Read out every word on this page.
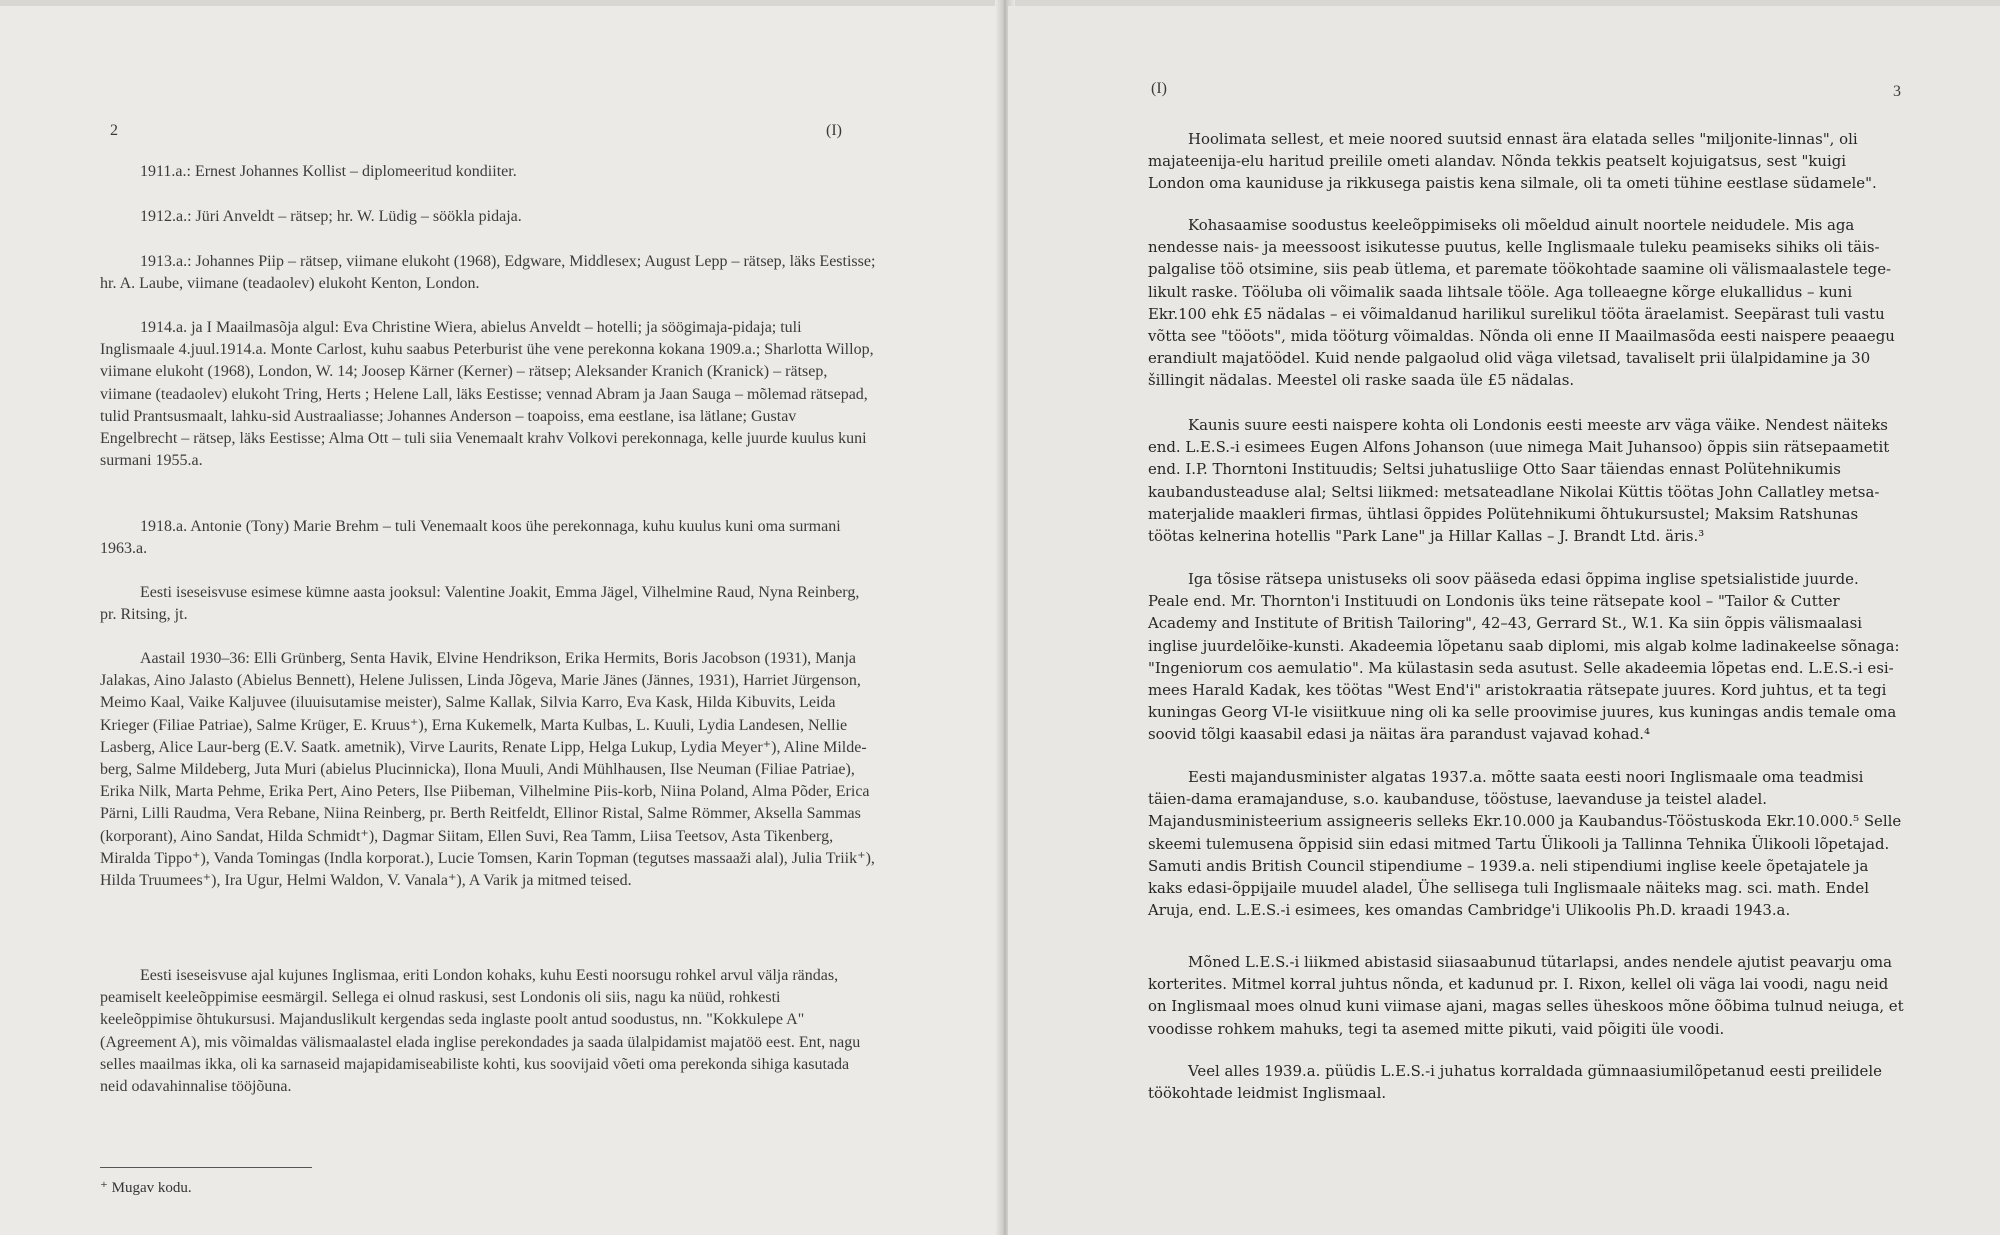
2	(I)

1911.a.: Ernest Johannes Kollist – diplomeeritud kondiiter.

1912.a.: Jüri Anveldt – rätsep; hr. W. Lüdig – söökla pidaja.

1913.a.: Johannes Piip – rätsep, viimane elukoht (1968), Edgware, Middlesex; August Lepp – rätsep, läks Eestisse; hr. A. Laube, viimane (teadaolev) elukoht Kenton, London.

1914.a. ja I Maailmasõja algul: Eva Christine Wiera, abielus Anveldt – hotelli; ja söögimaja-pidaja; tuli Inglismaale 4.juul.1914.a. Monte Carlost, kuhu saabus Peterburist ühe vene perekonna kokana 1909.a.; Sharlotta Willop, viimane elukoht (1968), London, W. 14; Joosep Kärner (Kerner) – rätsep; Aleksander Kranich (Kranick) – rätsep, viimane (teadaolev) elukoht Tring, Herts ; Helene Lall, läks Eestisse; vennad Abram ja Jaan Sauga – mõlemad rätsepad, tulid Prantsusmaalt, lahku-sid Austraaliasse; Johannes Anderson – toapoiss, ema eestlane, isa lätlane; Gustav Engelbrecht – rätsep, läks Eestisse; Alma Ott – tuli siia Venemaalt krahv Volkovi perekonnaga, kelle juurde kuulus kuni surmani 1955.a.

1918.a. Antonie (Tony) Marie Brehm – tuli Venemaalt koos ühe perekonnaga, kuhu kuulus kuni oma surmani 1963.a.

Eesti iseseisvuse esimese kümne aasta jooksul: Valentine Joakit, Emma Jägel, Vilhelmine Raud, Nyna Reinberg, pr. Ritsing, jt.

Aastail 1930–36: Elli Grünberg, Senta Havik, Elvine Hendrikson, Erika Hermits, Boris Jacobson (1931), Manja Jalakas, Aino Jalasto (Abielus Bennett), Helene Julissen, Linda Jõgeva, Marie Jänes (Jännes, 1931), Harriet Jürgenson, Meimo Kaal, Vaike Kaljuvee (iluuisutamise meister), Salme Kallak, Silvia Karro, Eva Kask, Hilda Kibuvits, Leida Krieger (Filiae Patriae), Salme Krüger, E. Kruus⁺), Erna Kukemelk, Marta Kulbas, L. Kuuli, Lydia Landesen, Nellie Lasberg, Alice Laur-berg (E.V. Saatk. ametnik), Virve Laurits, Renate Lipp, Helga Lukup, Lydia Meyer⁺), Aline Milde-berg, Salme Mildeberg, Juta Muri (abielus Plucinnicka), Ilona Muuli, Andi Mühlhausen, Ilse Neuman (Filiae Patriae), Erika Nilk, Marta Pehme, Erika Pert, Aino Peters, Ilse Piibeman, Vilhelmine Piis-korb, Niina Poland, Alma Põder, Erica Pärni, Lilli Raudma, Vera Rebane, Niina Reinberg, pr. Berth Reitfeldt, Ellinor Ristal, Salme Römmer, Aksella Sammas (korporant), Aino Sandat, Hilda Schmidt⁺), Dagmar Siitam, Ellen Suvi, Rea Tamm, Liisa Teetsov, Asta Tikenberg, Miralda Tippo⁺), Vanda Tomingas (Indla korporat.), Lucie Tomsen, Karin Topman (tegutses massaaži alal), Julia Triik⁺), Hilda Truumees⁺), Ira Ugur, Helmi Waldon, V. Vanala⁺), A Varik ja mitmed teised.

Eesti iseseisvuse ajal kujunes Inglismaa, eriti London kohaks, kuhu Eesti noorsugu rohkel arvul välja rändas, peamiselt keeleõppimise eesmärgil. Sellega ei olnud raskusi, sest Londonis oli siis, nagu ka nüüd, rohkesti keeleõppimise õhtukursusi. Majanduslikult kergendas seda inglaste poolt antud soodustus, nn. "Kokkulepe A" (Agreement A), mis võimaldas välismaalastel elada inglise perekondades ja saada ülalpidamist majatöö eest. Ent, nagu selles maailmas ikka, oli ka sarnaseid majapidamiseabiliste kohti, kus soovijaid võeti oma perekonda sihiga kasutada neid odavahinnalise tööjõuna.

⁺ Mugav kodu.
(I)	3

Hoolimata sellest, et meie noored suutsid ennast ära elatada selles "miljonite-linnas", oli majateenija-elu haritud preilile ometi alandav. Nõnda tekkis peatselt kojuigatsus, sest "kuigi London oma kauniduse ja rikkusega paistis kena silmale, oli ta ometi tühine eestlase südamele".

Kohasaamise soodustus keeleõppimiseks oli mõeldud ainult noortele neidudele. Mis aga nendesse nais- ja meessoost isikutesse puutus, kelle Inglismaale tuleku peamiseks sihiks oli täis-palgalise töö otsimine, siis peab ütlema, et paremate töökohtade saamine oli välismaalastele tege-likult raske. Tööluba oli võimalik saada lihtsale tööle. Aga tolleaegne kõrge elukallidus – kuni Ekr.100 ehk £5 nädalas – ei võimaldanud harilikul surelikul tööta äraelamist. Seepärast tuli vastu võtta see "tööots", mida tööturg võimaldas. Nõnda oli enne II Maailmasõda eesti naispere peaaegu erandiult majatöödel. Kuid nende palgaolud olid väga viletsad, tavaliselt prii ülalpidamine ja 30 šillingit nädalas. Meestel oli raske saada üle £5 nädalas.

Kaunis suure eesti naispere kohta oli Londonis eesti meeste arv väga väike. Nendest näiteks end. L.E.S.-i esimees Eugen Alfons Johanson (uue nimega Mait Juhansoo) õppis siin rätsepaametit end. I.P. Thorntoni Instituudis; Seltsi juhatusliige Otto Saar täiendas ennast Polütehnikumis kaubandusteaduse alal; Seltsi liikmed: metsateadlane Nikolai Küttis töötas John Callatley metsa-materjalide maakleri firmas, ühtlasi õppides Polütehnikumi õhtukursustel; Maksim Ratshunas töötas kelnerina hotellis "Park Lane" ja Hillar Kallas – J. Brandt Ltd. äris.³

Iga tõsise rätsepa unistuseks oli soov pääseda edasi õppima inglise spetsialistide juurde. Peale end. Mr. Thornton'i Instituudi on Londonis üks teine rätsepate kool – "Tailor & Cutter Academy and Institute of British Tailoring", 42–43, Gerrard St., W.1. Ka siin õppis välismaalasi inglise juurdelõike-kunsti. Akadeemia lõpetanu saab diplomi, mis algab kolme ladinakeelse sõnaga: "Ingeniorum cos aemulatio". Ma külastasin seda asutust. Selle akadeemia lõpetas end. L.E.S.-i esi-mees Harald Kadak, kes töötas "West End'i" aristokraatia rätsepate juures. Kord juhtus, et ta tegi kuningas Georg VI-le visiitkuue ning oli ka selle proovimise juures, kus kuningas andis temale oma soovid tõlgi kaasabil edasi ja näitas ära parandust vajavad kohad.⁴

Eesti majandusminister algatas 1937.a. mõtte saata eesti noori Inglismaale oma teadmisi täien-dama eramajanduse, s.o. kaubanduse, tööstuse, laevanduse ja teistel aladel. Majandusministeerium assigneeris selleks Ekr.10.000 ja Kaubandus-Tööstuskoda Ekr.10.000.⁵ Selle skeemi tulemusena õppisid siin edasi mitmed Tartu Ülikooli ja Tallinna Tehnika Ülikooli lõpetajad. Samuti andis British Council stipendiume – 1939.a. neli stipendiumi inglise keele õpetajatele ja kaks edasi-õppijaile muudel aladel, Ühe sellisega tuli Inglismaale näiteks mag. sci. math. Endel Aruja, end. L.E.S.-i esimees, kes omandas Cambridge'i Ulikoolis Ph.D. kraadi 1943.a.

Mõned L.E.S.-i liikmed abistasid siiasaabunud tütarlapsi, andes nendele ajutist peavarju oma korterites. Mitmel korral juhtus nõnda, et kadunud pr. I. Rixon, kellel oli väga lai voodi, nagu neid on Inglismaal moes olnud kuni viimase ajani, magas selles üheskoos mõne õõbima tulnud neiuga, et voodisse rohkem mahuks, tegi ta asemed mitte pikuti, vaid põigiti üle voodi.

Veel alles 1939.a. püüdis L.E.S.-i juhatus korraldada gümnaasiumilõpetanud eesti preilidele töökohtade leidmist Inglismaal.
